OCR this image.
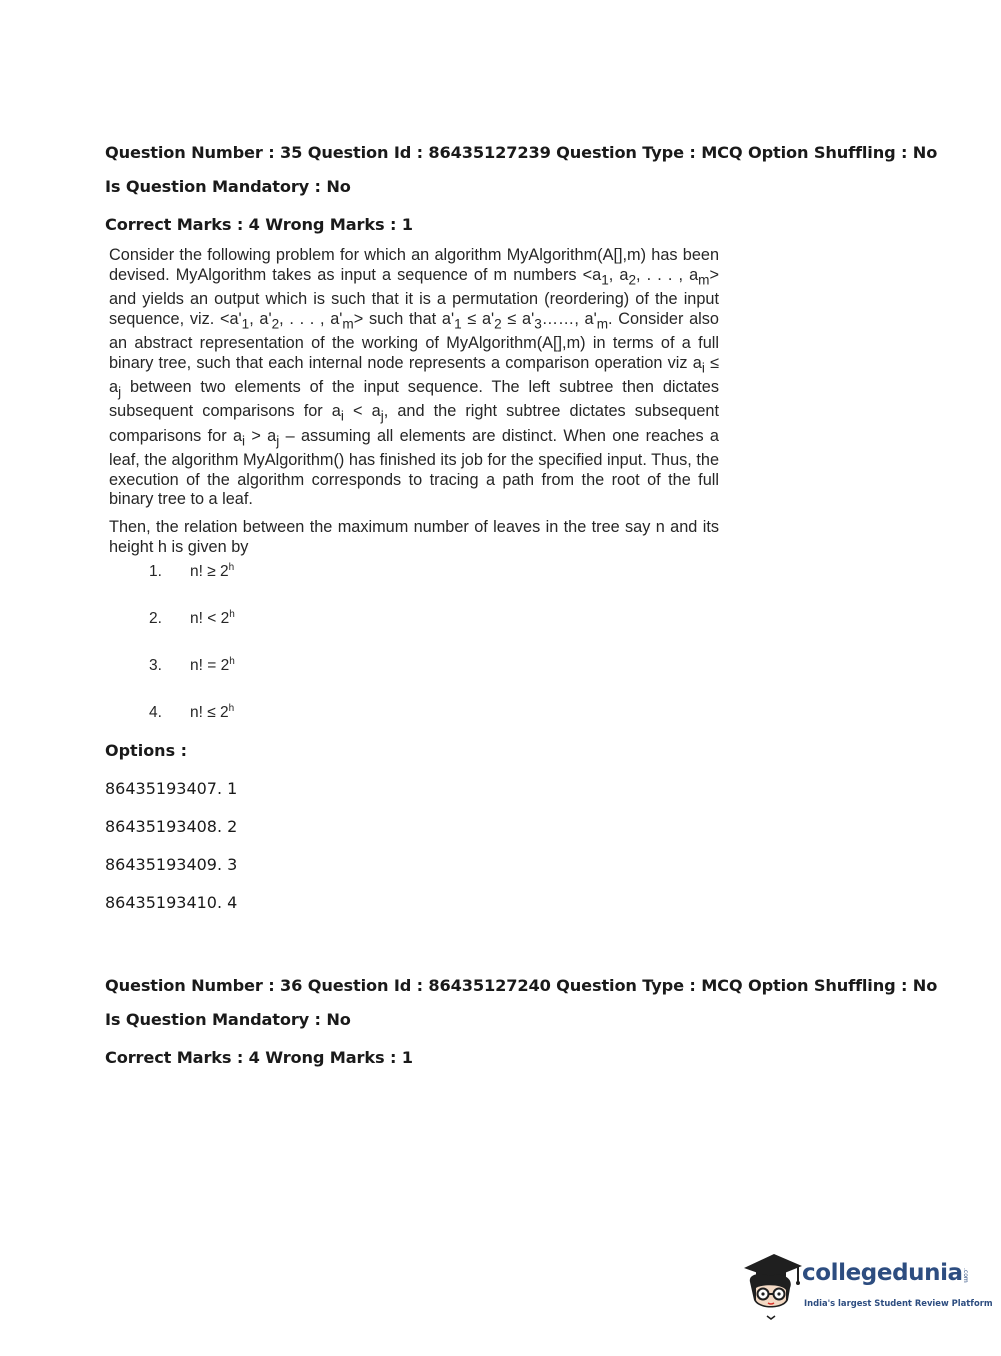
Question Number : 35 Question Id : 86435127239 Question Type : MCQ Option Shuffling : No
Is Question Mandatory : No
Correct Marks : 4 Wrong Marks : 1

Consider the following problem for which an algorithm MyAlgorithm(A[],m) has been devised. MyAlgorithm takes as input a sequence of m numbers $<a_1$, $a_2$, . . . , $a_m>$ and yields an output which is such that it is a permutation (reordering) of the input sequence, viz. $<a'_1$, $a'_2$, . . . , $a'_m>$ such that $a'_1 \le a'_2$ ≤ $a'_3\dots\dots$, $a'_m$. Consider also an abstract representation of the working of MyAlgorithm(A[],m) in terms of a full binary tree, such that each internal node represents a comparison operation viz $a_i \le a_j$ between two elements of the input sequence. The left subtree then dictates subsequent comparisons for $a_i < a_j$, and the right subtree dictates subsequent comparisons for $a_i > a_j$ – assuming all elements are distinct. When one reaches a leaf, the algorithm MyAlgorithm() has finished its job for the specified input. Thus, the execution of the algorithm corresponds to tracing a path from the root of the full binary tree to a leaf.

Then, the relation between the maximum number of leaves in the tree say n and its height h is given by

1. n! ≥ $2^h$
2. n! < $2^h$
3. n! = $2^h$
4. n! ≤ $2^h$
Options :
86435193407. 1
86435193408. 2
86435193409. 3
86435193410. 4
Question Number : 36 Question Id : 86435127240 Question Type : MCQ Option Shuffling : No
Is Question Mandatory : No
Correct Marks : 4 Wrong Marks : 1
collegedunia .com
India's largest Student Review Platform
